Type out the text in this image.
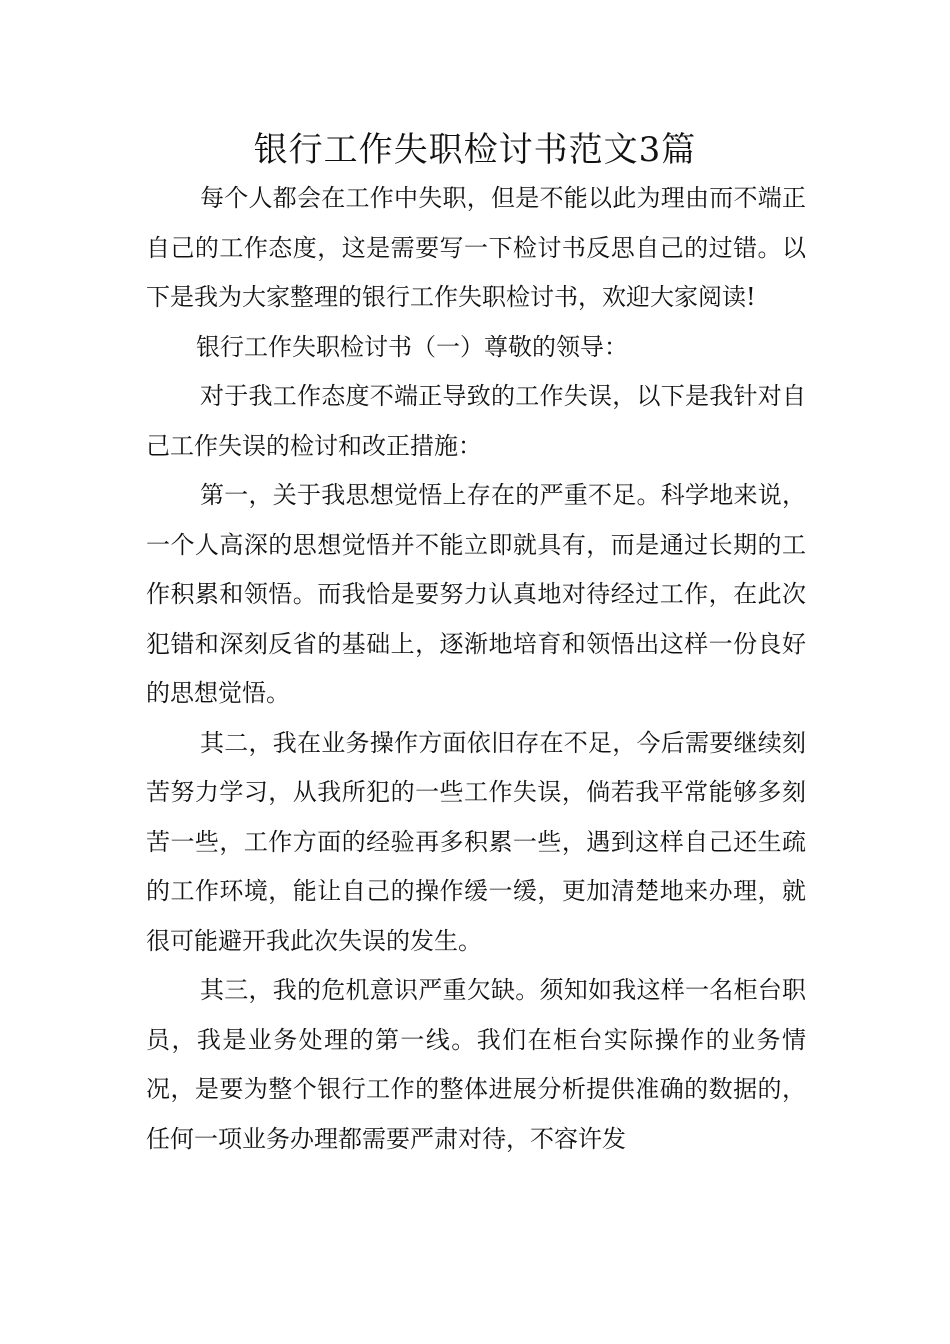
银行工作失职检讨书范文3篇

每个人都会在工作中失职，但是不能以此为理由而不端正自己的工作态度，这是需要写一下检讨书反思自己的过错。以下是我为大家整理的银行工作失职检讨书，欢迎大家阅读!

银行工作失职检讨书（一）尊敬的领导：

对于我工作态度不端正导致的工作失误，以下是我针对自己工作失误的检讨和改正措施：

第一，关于我思想觉悟上存在的严重不足。科学地来说，一个人高深的思想觉悟并不能立即就具有，而是通过长期的工作积累和领悟。而我恰是要努力认真地对待经过工作，在此次犯错和深刻反省的基础上，逐渐地培育和领悟出这样一份良好的思想觉悟。

其二，我在业务操作方面依旧存在不足，今后需要继续刻苦努力学习，从我所犯的一些工作失误，倘若我平常能够多刻苦一些，工作方面的经验再多积累一些，遇到这样自己还生疏的工作环境，能让自己的操作缓一缓，更加清楚地来办理，就很可能避开我此次失误的发生。

其三，我的危机意识严重欠缺。须知如我这样一名柜台职员，我是业务处理的第一线。我们在柜台实际操作的业务情况，是要为整个银行工作的整体进展分析提供准确的数据的，任何一项业务办理都需要严肃对待，不容许发
